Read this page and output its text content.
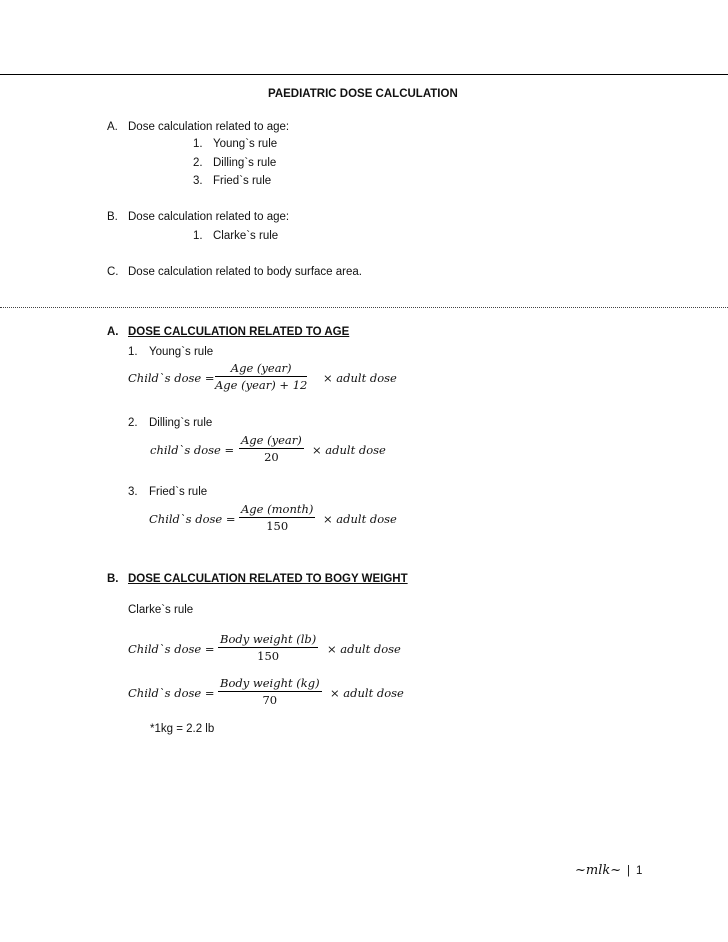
PAEDIATRIC DOSE CALCULATION
A. Dose calculation related to age:
1. Young`s rule
2. Dilling`s rule
3. Fried`s rule
B. Dose calculation related to age:
1. Clarke`s rule
C. Dose calculation related to body surface area.
A. DOSE CALCULATION RELATED TO AGE
1. Young`s rule
Child`s dose =
Age (year)
Age (year) + 12 × adult dose
2. Dilling`s rule
child`s dose =
Age (year)
20	× adult dose
3. Fried`s rule
Child`s dose =
Age (month)
150	× adult dose
B. DOSE CALCULATION RELATED TO BOGY WEIGHT
Clarke`s rule
Child`s dose =
Body weight (lb)
150	× adult dose
Child`s dose =
Body weight (kg)
70	× adult dose
*1kg = 2.2 lb
~mlk~ | 1
